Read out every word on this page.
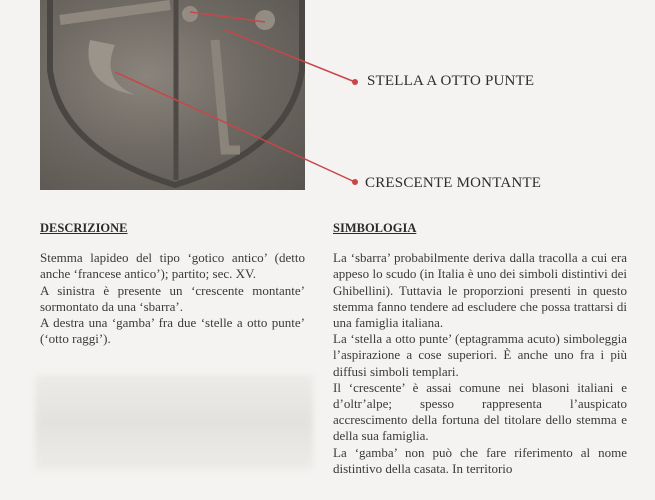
STELLA A OTTO PUNTE
CRESCENTE MONTANTE
DESCRIZIONE

Stemma lapideo del tipo ‘gotico antico’ (detto anche ‘francese antico’); partito; sec. XV.

A sinistra è presente un ‘crescente montante’ sormontato da una ‘sbarra’.

A destra una ‘gamba’ fra due ‘stelle a otto punte’ (‘otto raggi’).

SIMBOLOGIA

La ‘sbarra’ probabilmente deriva dalla tracolla a cui era appeso lo scudo (in Italia è uno dei simboli distintivi dei Ghibellini). Tuttavia le proporzioni presenti in questo stemma fanno tendere ad escludere che possa trattarsi di una famiglia italiana.

La ‘stella a otto punte’ (eptagramma acuto) simboleggia l’aspirazione a cose superiori. È anche uno fra i più diffusi simboli templari.

Il ‘crescente’ è assai comune nei blasoni italiani e d’oltr’alpe; spesso rappresenta l’auspicato accrescimento della fortuna del titolare dello stemma e della sua famiglia.

La ‘gamba’ non può che fare riferimento al nome distintivo della casata. In territorio
